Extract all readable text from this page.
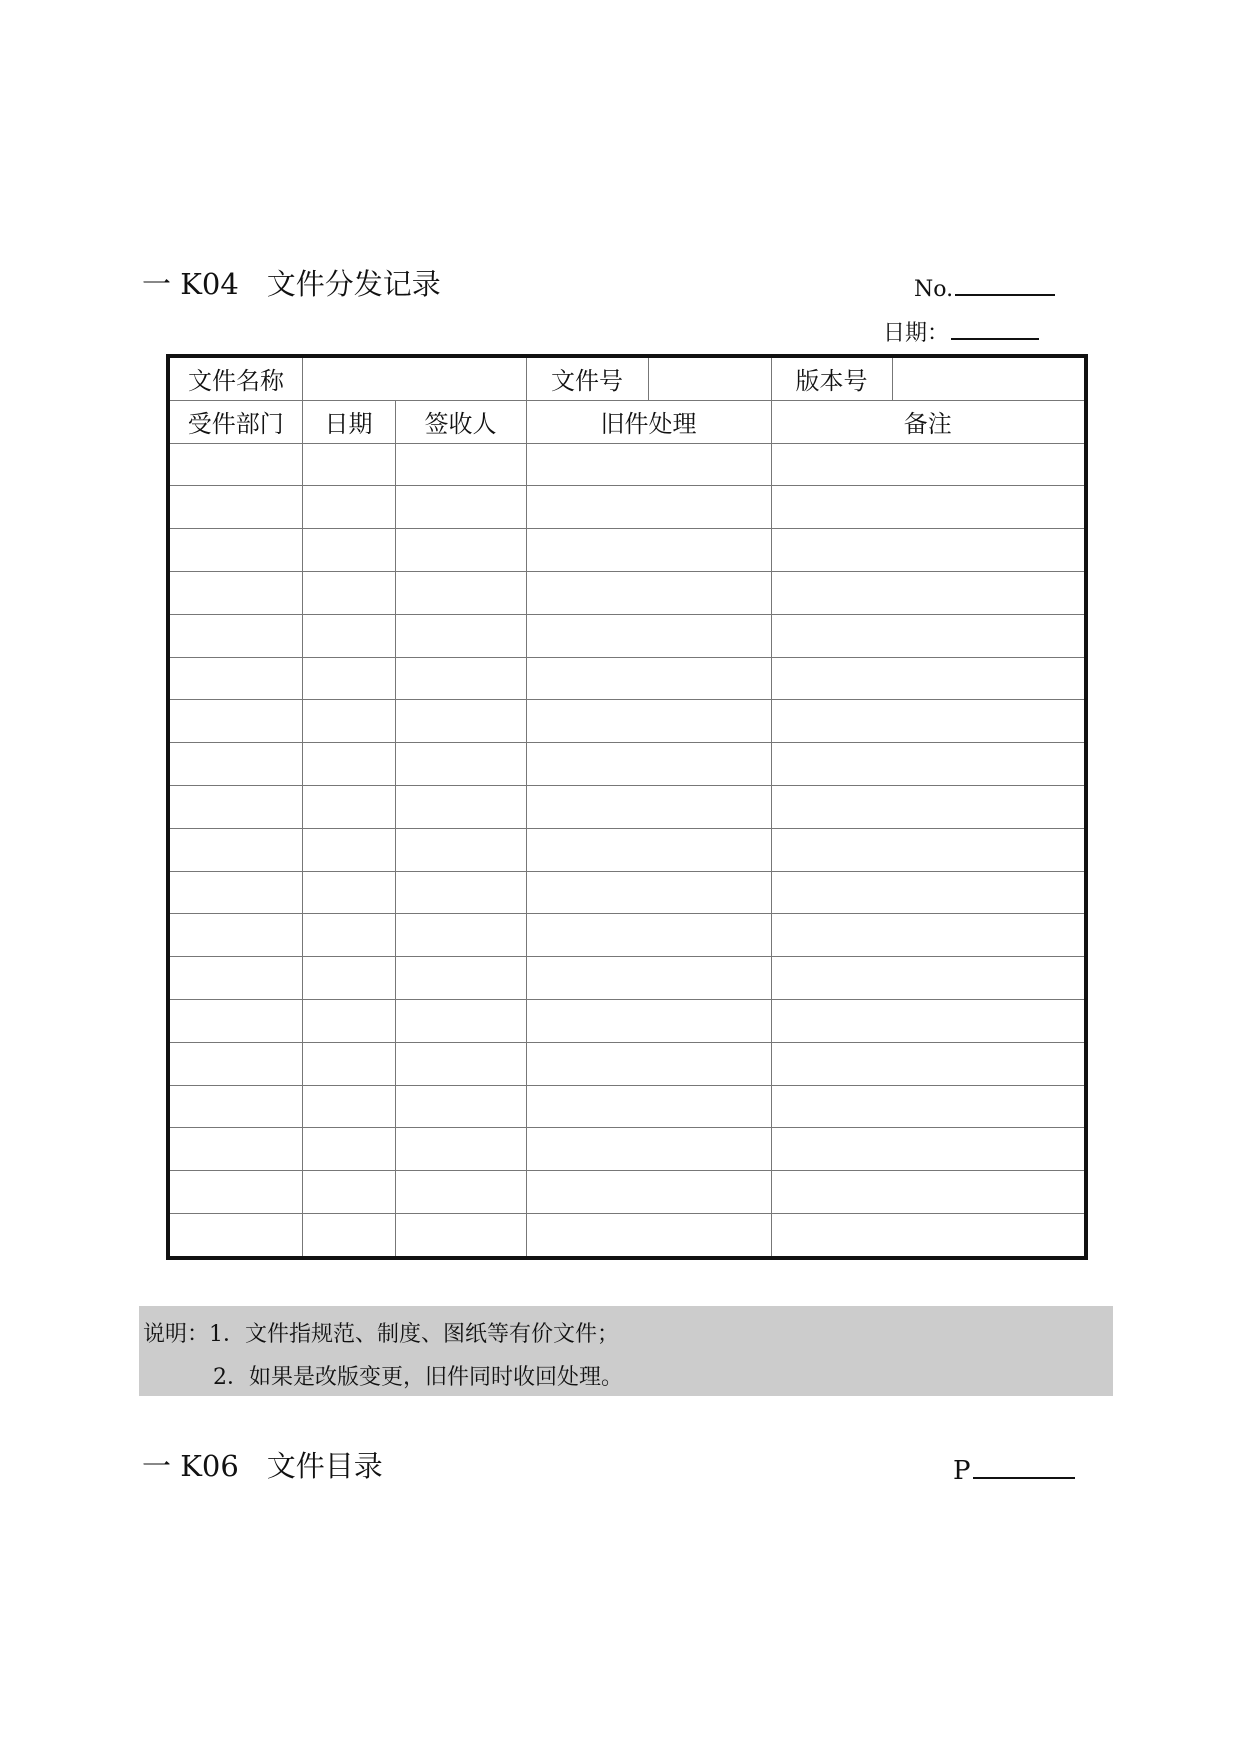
一 K04 文件分发记录	No.
日期：
文件名称			文件号		版本号	
受件部门	日期	签收人	旧件处理		备注	

说明：1．文件指规范、制度、图纸等有价文件；
2．如果是改版变更，旧件同时收回处理。
一 K06 文件目录	P
